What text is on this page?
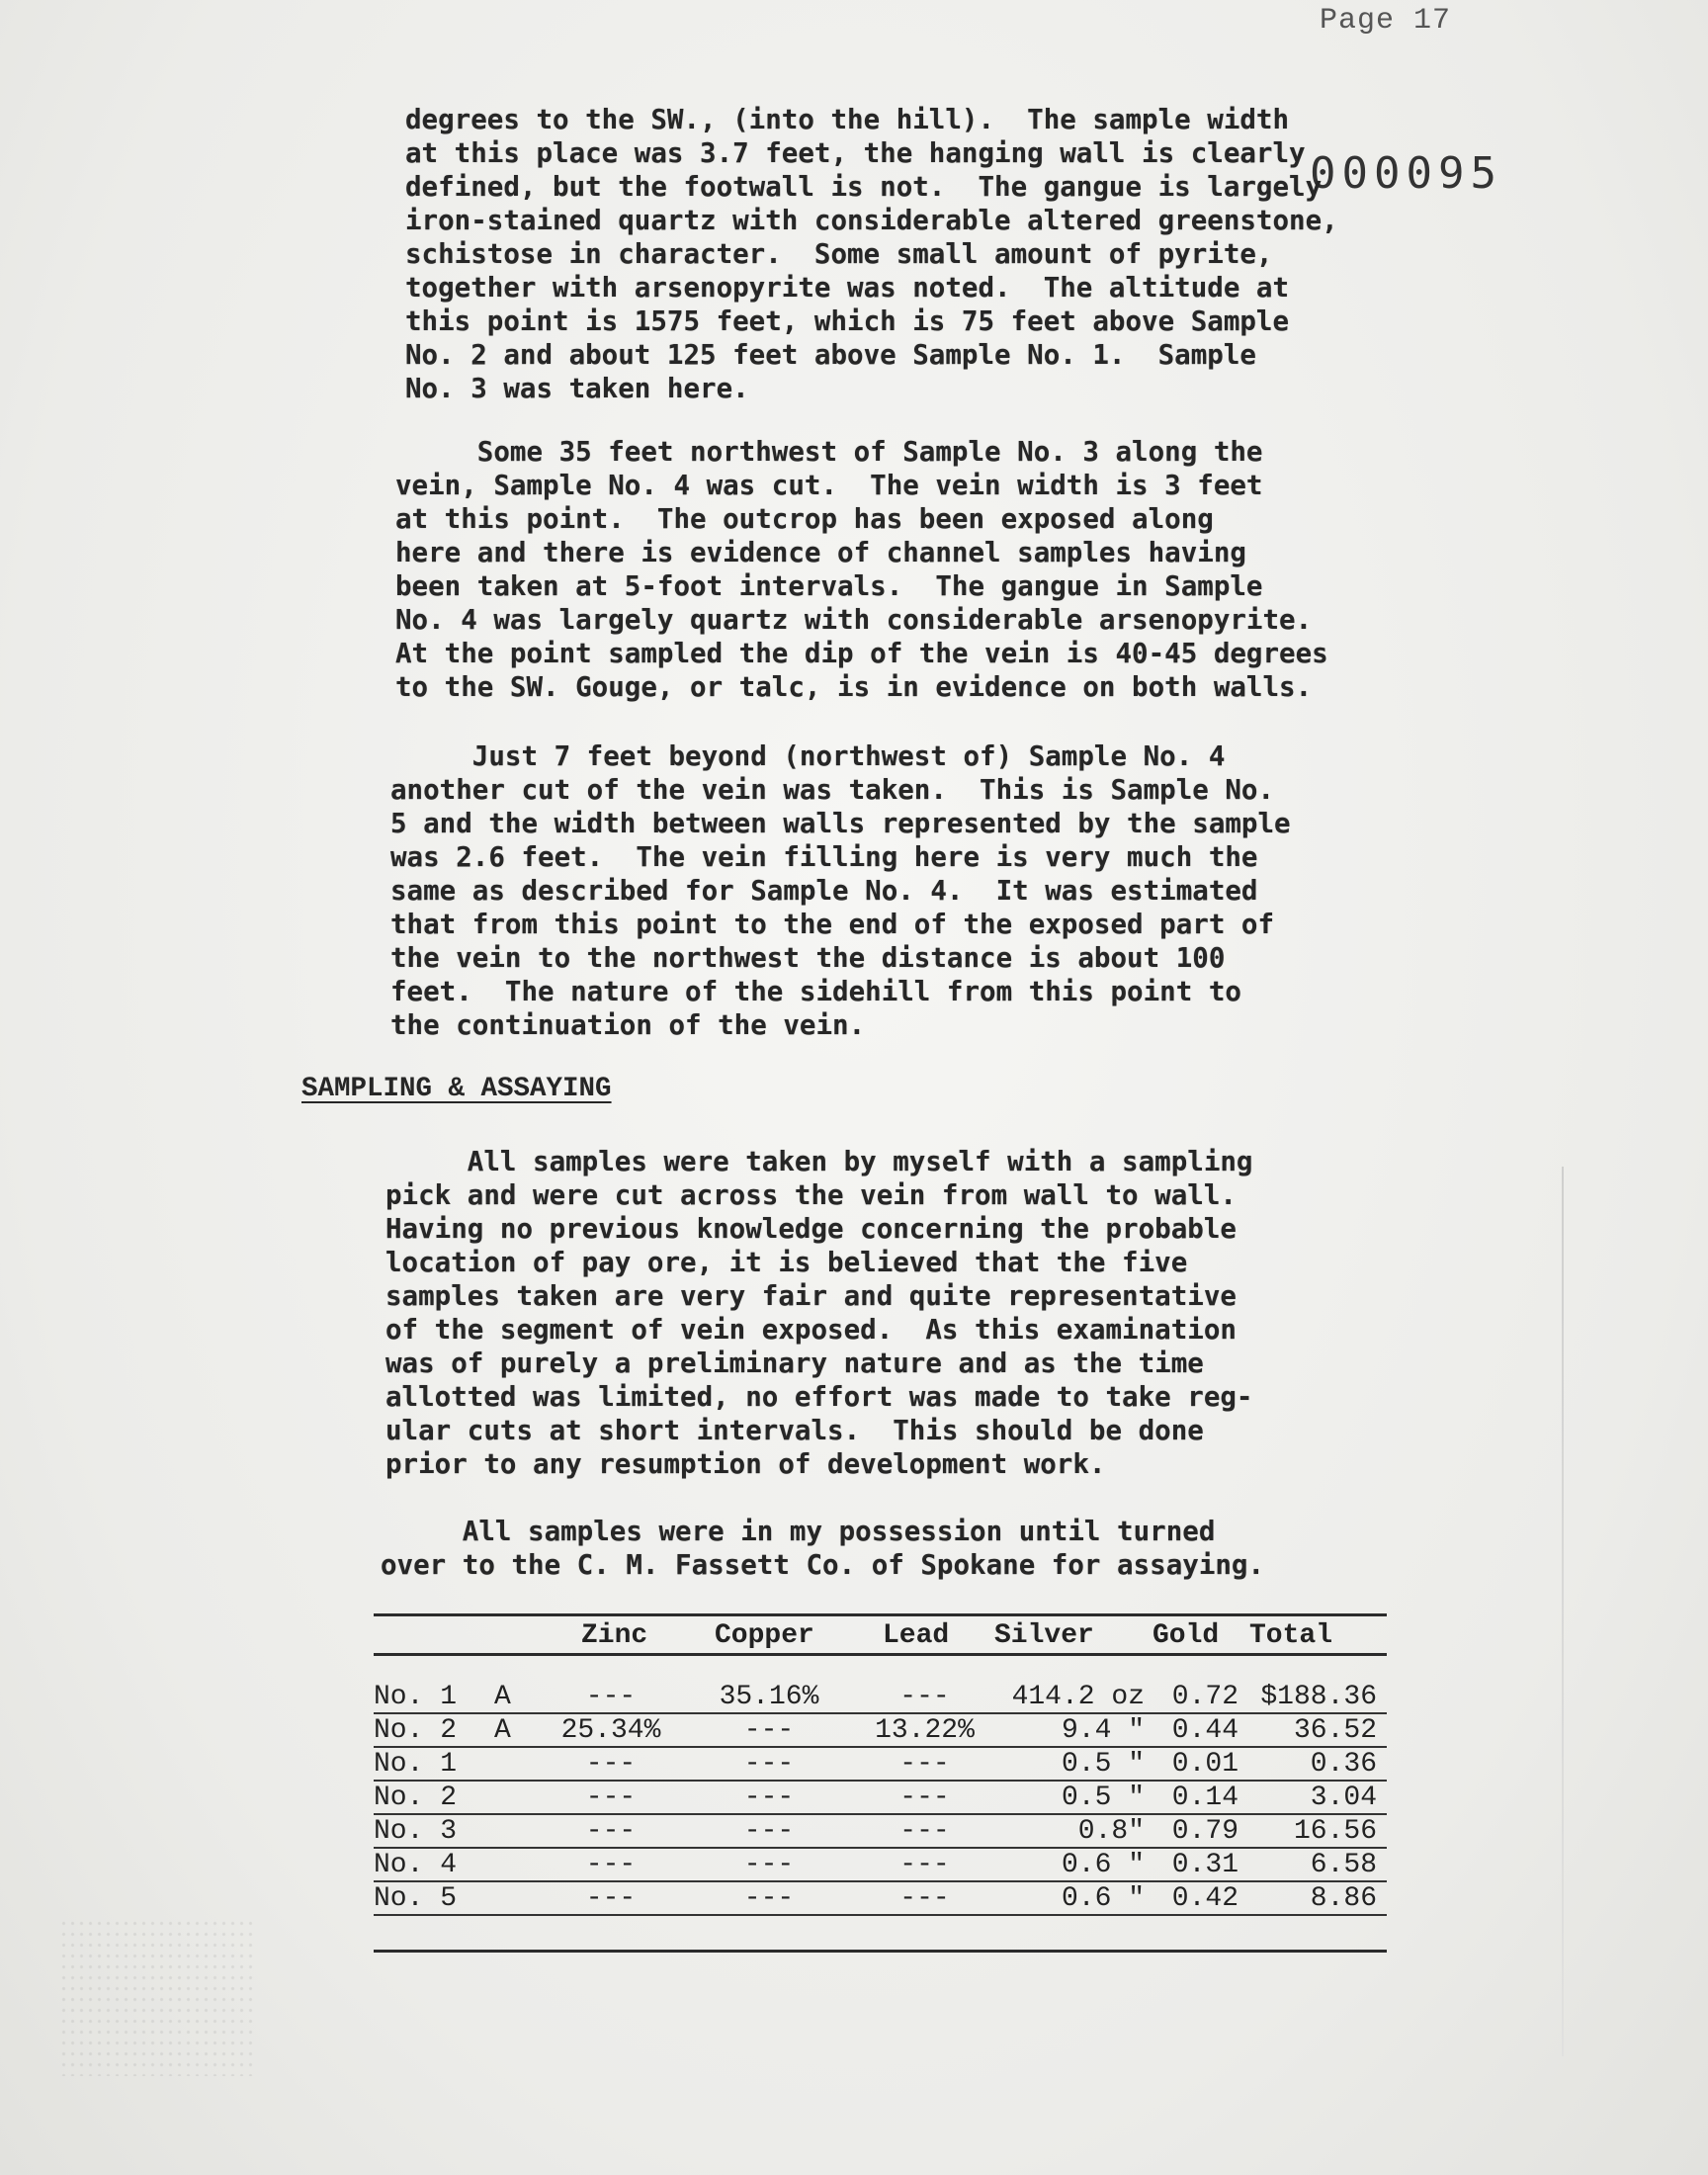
Page 17
000095
degrees to the SW., (into the hill).  The sample width
at this place was 3.7 feet, the hanging wall is clearly
defined, but the footwall is not.  The gangue is largely
iron-stained quartz with considerable altered greenstone,
schistose in character.  Some small amount of pyrite,
together with arsenopyrite was noted.  The altitude at
this point is 1575 feet, which is 75 feet above Sample
No. 2 and about 125 feet above Sample No. 1.  Sample
No. 3 was taken here.
Some 35 feet northwest of Sample No. 3 along the
vein, Sample No. 4 was cut.  The vein width is 3 feet
at this point.  The outcrop has been exposed along
here and there is evidence of channel samples having
been taken at 5-foot intervals.  The gangue in Sample
No. 4 was largely quartz with considerable arsenopyrite.
At the point sampled the dip of the vein is 40-45 degrees
to the SW. Gouge, or talc, is in evidence on both walls.
Just 7 feet beyond (northwest of) Sample No. 4
another cut of the vein was taken.  This is Sample No.
5 and the width between walls represented by the sample
was 2.6 feet.  The vein filling here is very much the
same as described for Sample No. 4.  It was estimated
that from this point to the end of the exposed part of
the vein to the northwest the distance is about 100
feet.  The nature of the sidehill from this point to
the continuation of the vein.
SAMPLING & ASSAYING
All samples were taken by myself with a sampling
pick and were cut across the vein from wall to wall.
Having no previous knowledge concerning the probable
location of pay ore, it is believed that the five
samples taken are very fair and quite representative
of the segment of vein exposed.  As this examination
was of purely a preliminary nature and as the time
allotted was limited, no effort was made to take reg-
ular cuts at short intervals.  This should be done
prior to any resumption of development work.
All samples were in my possession until turned
over to the C. M. Fassett Co. of Spokane for assaying.
Zinc Copper Lead Silver Gold Total
No. 1 A	---	35.16%	---	414.2 oz 0.72 $188.36
No. 2 A	25.34%	---	13.22%	9.4 " 0.44	36.52
No. 1	---	---	---	0.5 " 0.01	0.36
No. 2	---	---	---	0.5 " 0.14	3.04
No. 3	---	---	---	0.8" 0.79	16.56
No. 4	---	---	---	0.6 " 0.31	6.58
No. 5	---	---	---	0.6 " 0.42	8.86
